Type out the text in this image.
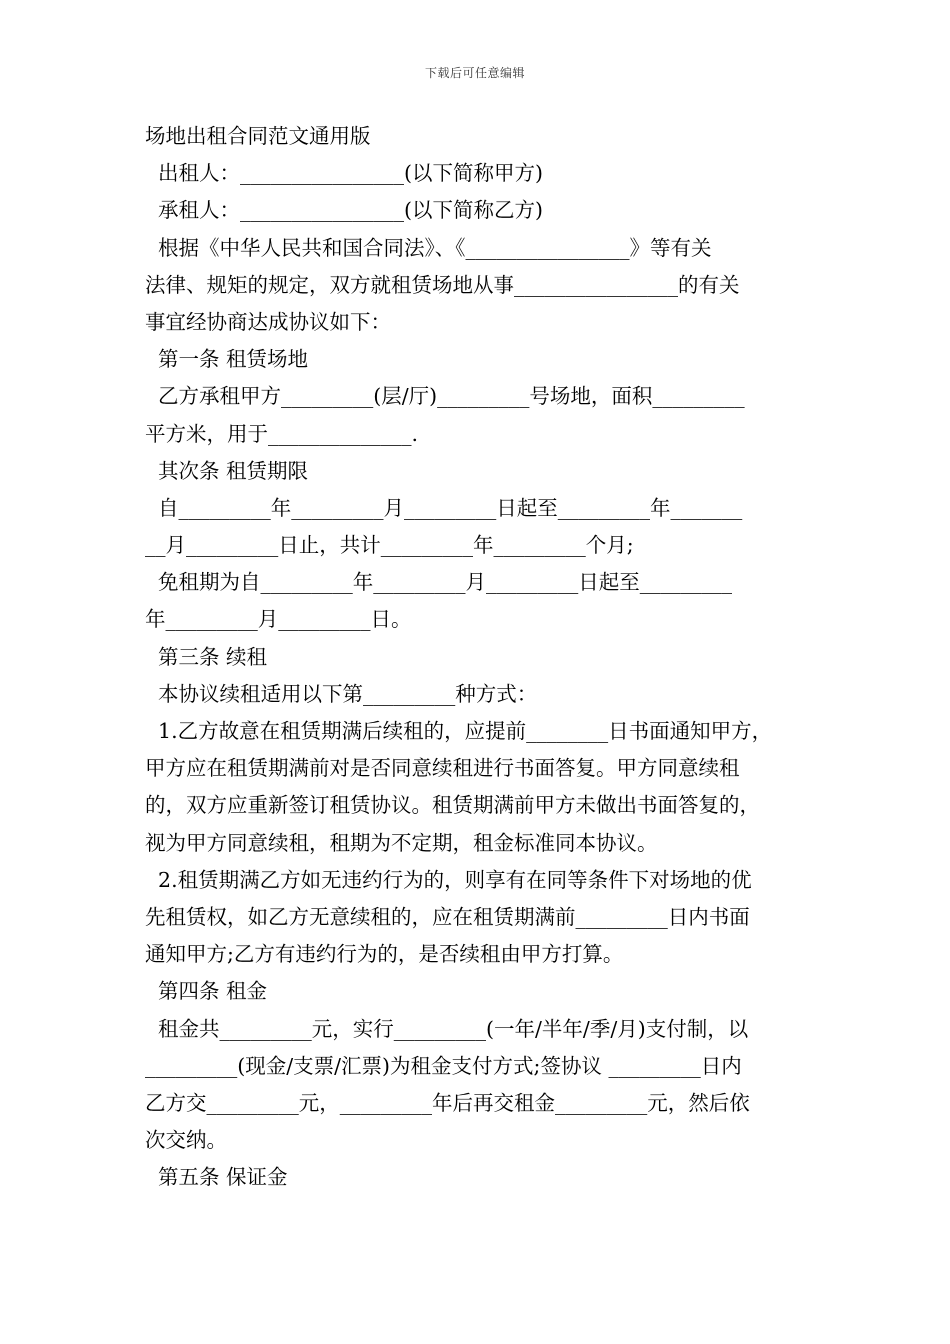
下载后可任意编辑
场地出租合同范文通用版
出租人：________________(以下简称甲方)
承租人：________________(以下简称乙方)
根据《中华人民共和国合同法》、《________________》等有关
法律、规矩的规定，双方就租赁场地从事________________的有关
事宜经协商达成协议如下：
第一条 租赁场地
乙方承租甲方_________(层/厅)_________号场地，面积_________
平方米，用于______________.
其次条 租赁期限
自_________年_________月_________日起至_________年_______
__月_________日止，共计_________年_________个月;
免租期为自_________年_________月_________日起至_________
年_________月_________日。
第三条 续租
本协议续租适用以下第_________种方式：
1.乙方故意在租赁期满后续租的，应提前________日书面通知甲方，
甲方应在租赁期满前对是否同意续租进行书面答复。甲方同意续租
的，双方应重新签订租赁协议。租赁期满前甲方未做出书面答复的，
视为甲方同意续租，租期为不定期，租金标准同本协议。
2.租赁期满乙方如无违约行为的，则享有在同等条件下对场地的优
先租赁权，如乙方无意续租的，应在租赁期满前_________日内书面
通知甲方;乙方有违约行为的，是否续租由甲方打算。
第四条 租金
租金共_________元，实行_________(一年/半年/季/月)支付制，以
_________(现金/支票/汇票)为租金支付方式;签协议 _________日内
乙方交_________元，_________年后再交租金_________元，然后依
次交纳。
第五条 保证金
